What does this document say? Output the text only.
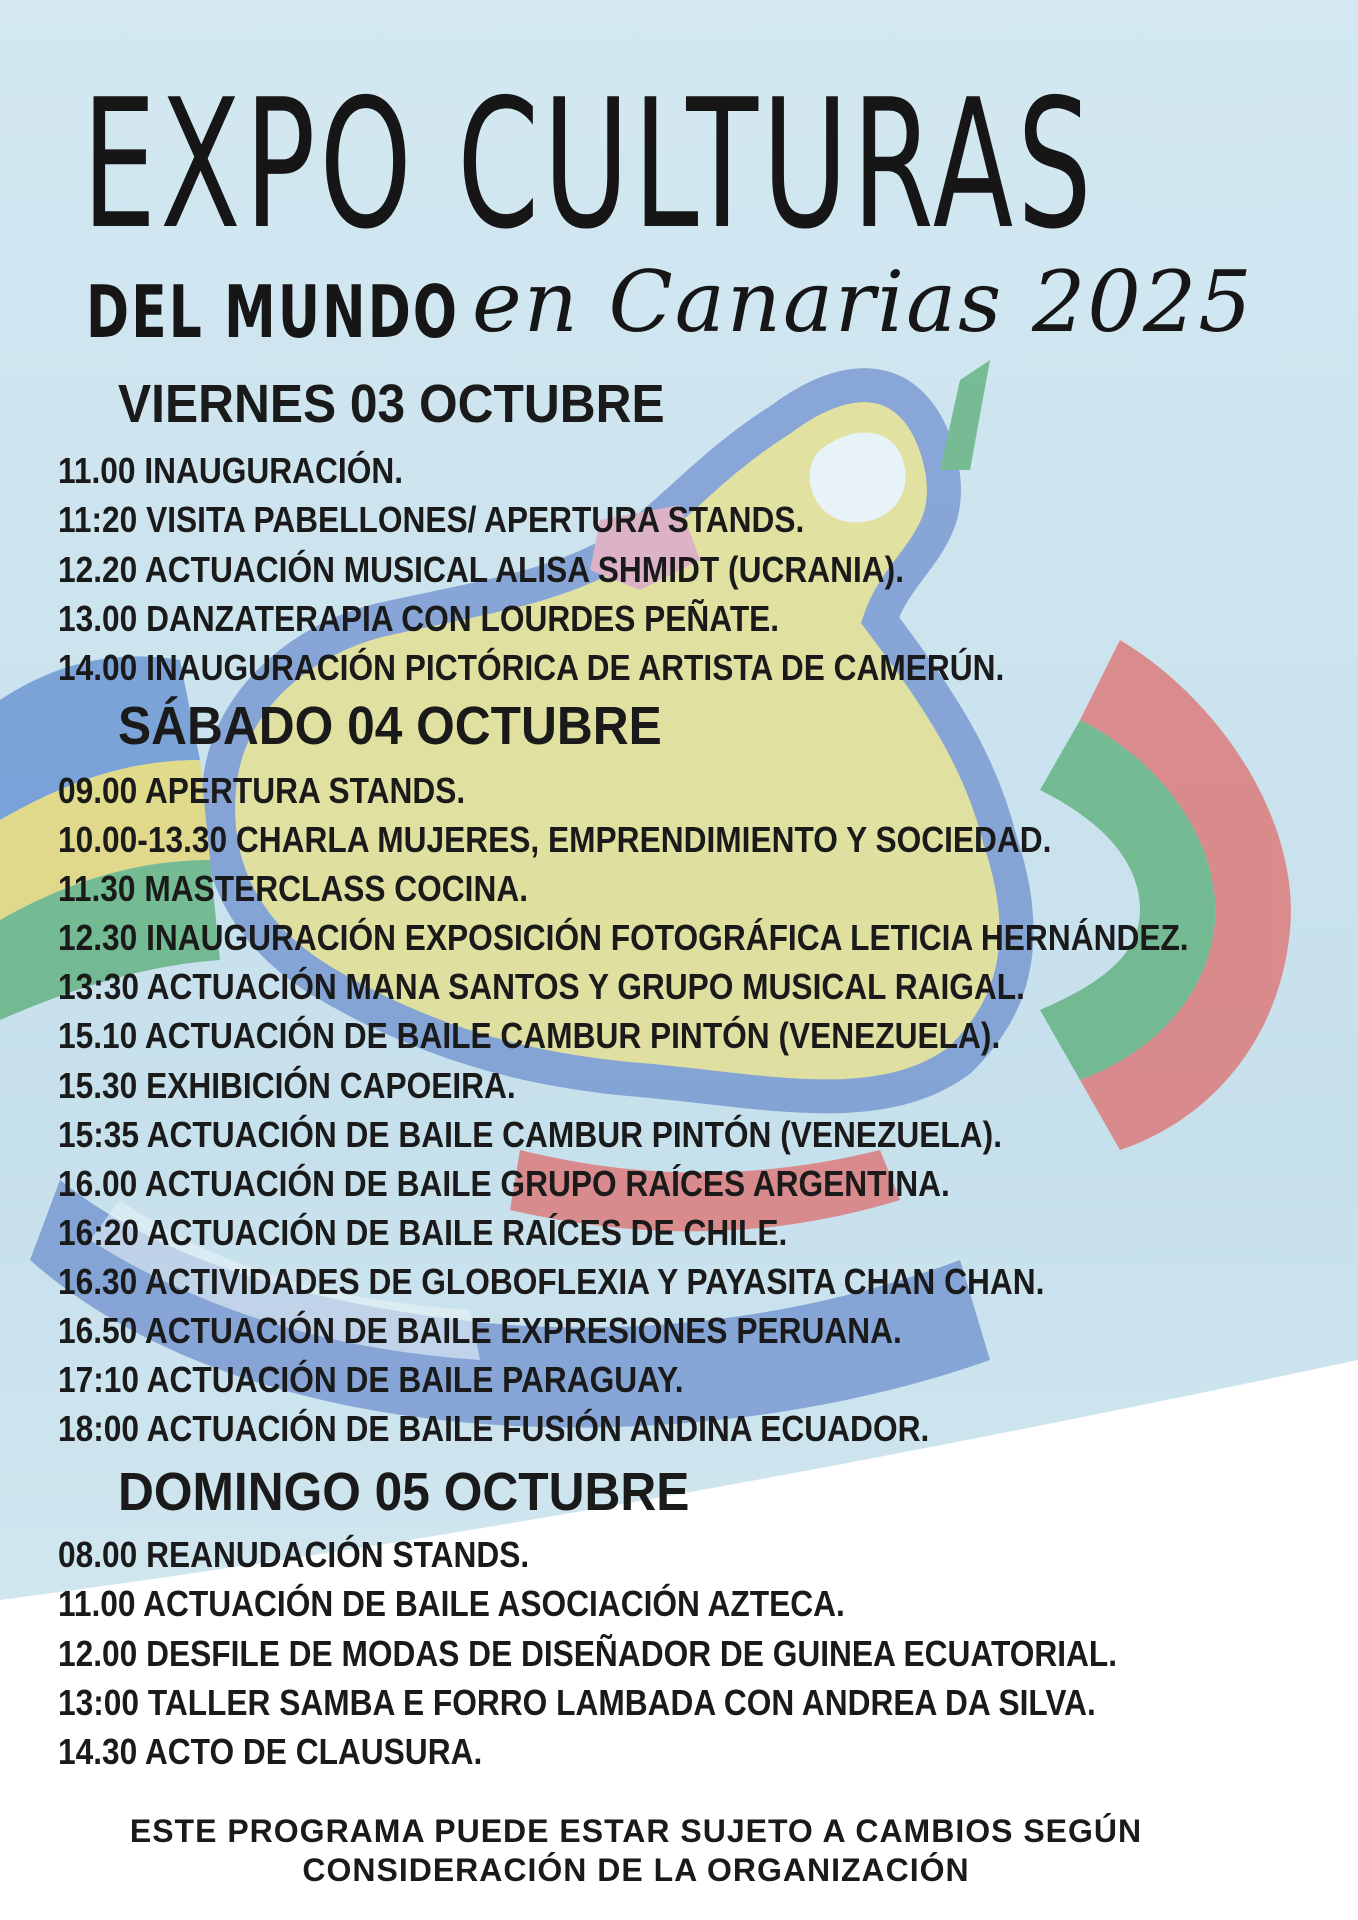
EXPO CULTURAS
DEL MUNDO en Canarias 2025
VIERNES 03 OCTUBRE
11.00 INAUGURACIÓN.
11:20 VISITA PABELLONES/ APERTURA STANDS.
12.20 ACTUACIÓN MUSICAL ALISA SHMIDT (UCRANIA).
13.00 DANZATERAPIA CON LOURDES PEÑATE.
14.00 INAUGURACIÓN PICTÓRICA DE ARTISTA DE CAMERÚN.
SÁBADO 04 OCTUBRE
09.00 APERTURA STANDS.
10.00-13.30 CHARLA MUJERES, EMPRENDIMIENTO Y SOCIEDAD.
11.30 MASTERCLASS COCINA.
12.30 INAUGURACIÓN EXPOSICIÓN FOTOGRÁFICA LETICIA HERNÁNDEZ.
13:30 ACTUACIÓN MANA SANTOS Y GRUPO MUSICAL RAIGAL.
15.10 ACTUACIÓN DE BAILE CAMBUR PINTÓN (VENEZUELA).
15.30 EXHIBICIÓN CAPOEIRA.
15:35 ACTUACIÓN DE BAILE CAMBUR PINTÓN (VENEZUELA).
16.00 ACTUACIÓN DE BAILE GRUPO RAÍCES ARGENTINA.
16:20 ACTUACIÓN DE BAILE RAÍCES DE CHILE.
16.30 ACTIVIDADES DE GLOBOFLEXIA Y PAYASITA CHAN CHAN.
16.50 ACTUACIÓN DE BAILE EXPRESIONES PERUANA.
17:10 ACTUACIÓN DE BAILE PARAGUAY.
18:00 ACTUACIÓN DE BAILE FUSIÓN ANDINA ECUADOR.
DOMINGO 05 OCTUBRE
08.00 REANUDACIÓN STANDS.
11.00 ACTUACIÓN DE BAILE ASOCIACIÓN AZTECA.
12.00 DESFILE DE MODAS DE DISEÑADOR DE GUINEA ECUATORIAL.
13:00 TALLER SAMBA E FORRO LAMBADA CON ANDREA DA SILVA.
14.30 ACTO DE CLAUSURA.

ESTE PROGRAMA PUEDE ESTAR SUJETO A CAMBIOS SEGÚN

CONSIDERACIÓN DE LA ORGANIZACIÓN
